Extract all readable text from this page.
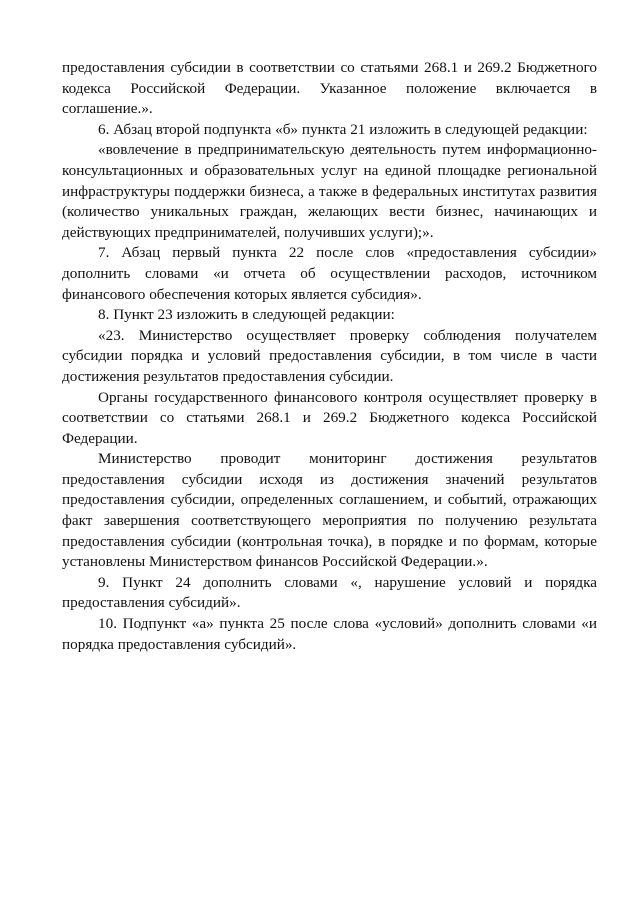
предоставления субсидии в соответствии со статьями 268.1 и 269.2 Бюджетного кодекса Российской Федерации. Указанное положение включается в соглашение.».

6. Абзац второй подпункта «б» пункта 21 изложить в следующей редакции:

«вовлечение в предпринимательскую деятельность путем информационно-консультационных и образовательных услуг на единой площадке региональной инфраструктуры поддержки бизнеса, а также в федеральных институтах развития (количество уникальных граждан, желающих вести бизнес, начинающих и действующих предпринимателей, получивших услуги);».

7. Абзац первый пункта 22 после слов «предоставления субсидии» дополнить словами «и отчета об осуществлении расходов, источником финансового обеспечения которых является субсидия».

8. Пункт 23 изложить в следующей редакции:

«23. Министерство осуществляет проверку соблюдения получателем субсидии порядка и условий предоставления субсидии, в том числе в части достижения результатов предоставления субсидии.

Органы государственного финансового контроля осуществляет проверку в соответствии со статьями 268.1 и 269.2 Бюджетного кодекса Российской Федерации.

Министерство проводит мониторинг достижения результатов предоставления субсидии исходя из достижения значений результатов предоставления субсидии, определенных соглашением, и событий, отражающих факт завершения соответствующего мероприятия по получению результата предоставления субсидии (контрольная точка), в порядке и по формам, которые установлены Министерством финансов Российской Федерации.».

9. Пункт 24 дополнить словами «, нарушение условий и порядка предоставления субсидий».

10. Подпункт «а» пункта 25 после слова «условий» дополнить словами «и порядка предоставления субсидий».
